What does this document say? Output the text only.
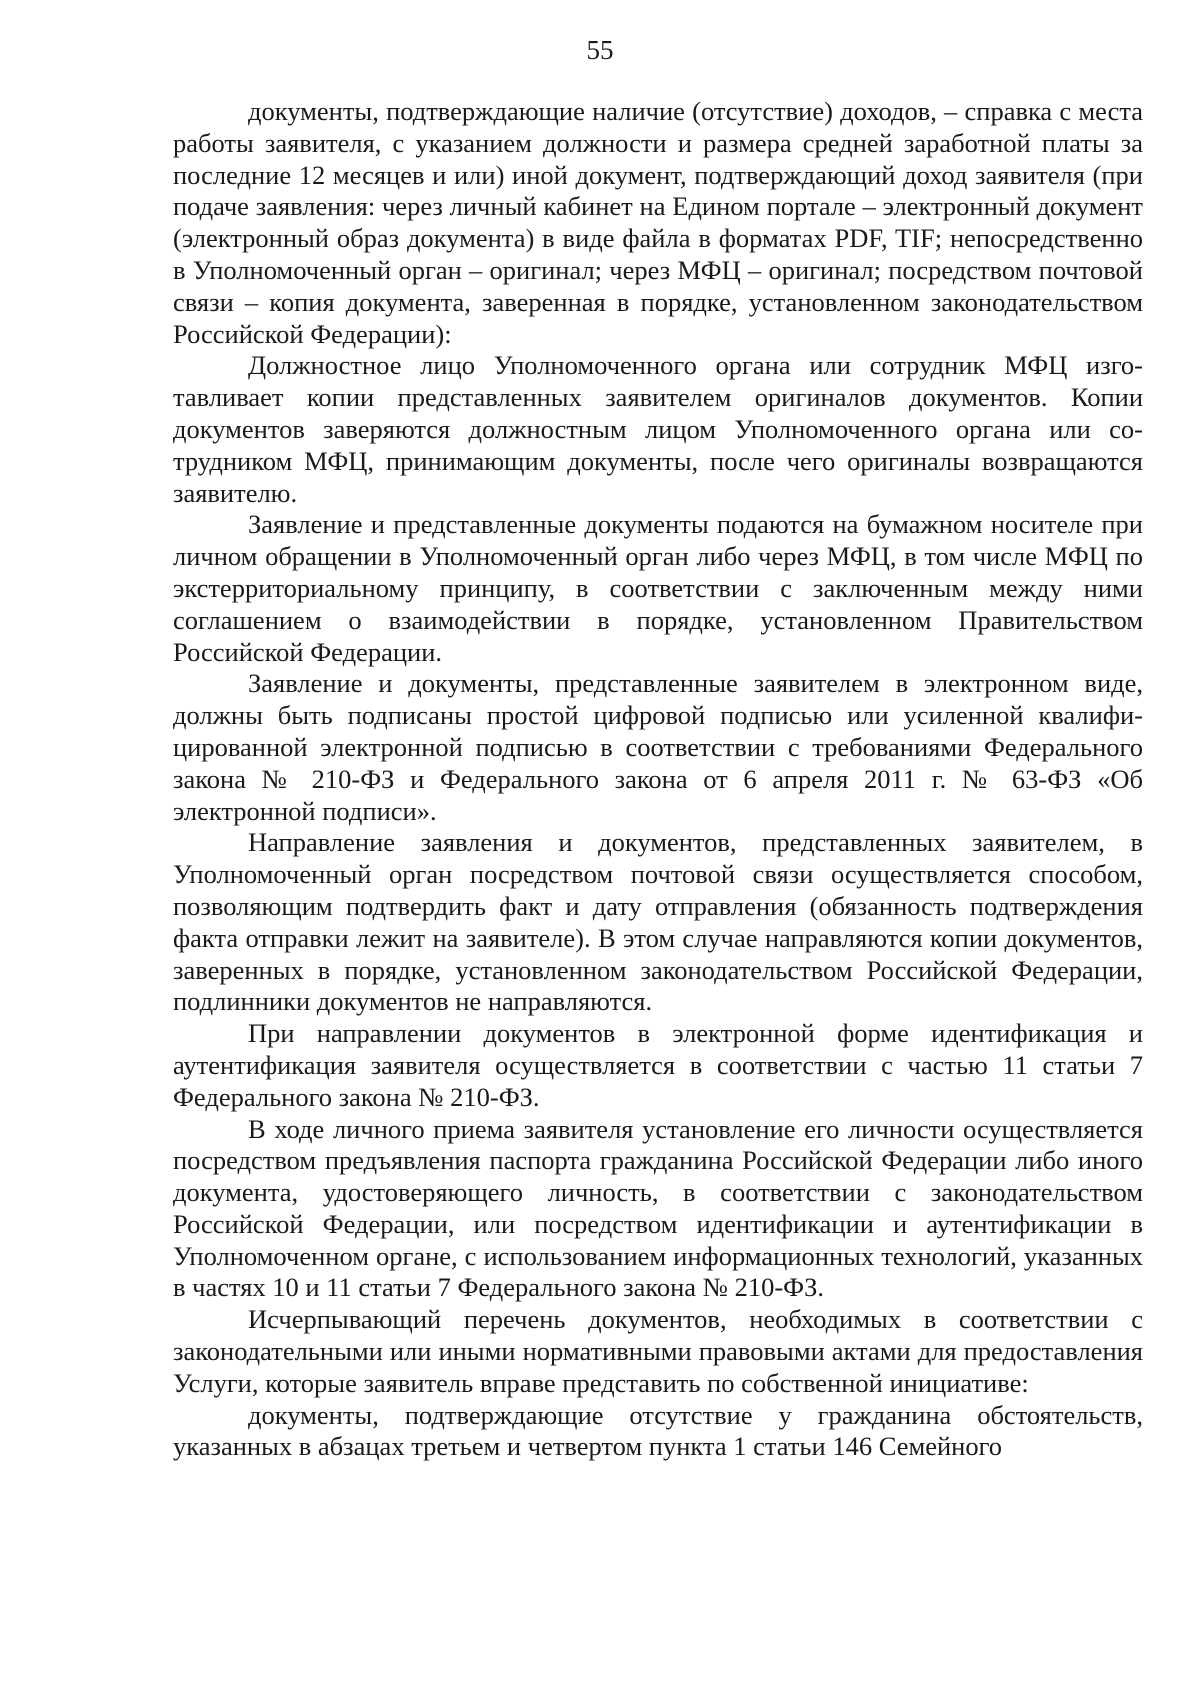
55

документы, подтверждающие наличие (отсутствие) доходов, – справка с места работы заявителя, с указанием должности и размера средней заработной платы за последние 12 месяцев и или) иной документ, подтверждающий доход заявителя (при подаче заявления: через личный кабинет на Едином портале – электронный документ (электронный образ документа) в виде файла в форматах PDF, TIF; непосредственно в Уполномоченный орган – оригинал; через МФЦ – оригинал; посредством почтовой связи – копия документа, заверенная в порядке, установленном законодательством Российской Федерации):

Должностное лицо Уполномоченного органа или сотрудник МФЦ изготавливает копии представленных заявителем оригиналов документов. Копии документов заверяются должностным лицом Уполномоченного органа или сотрудником МФЦ, принимающим документы, после чего оригиналы возвращаются заявителю.

Заявление и представленные документы подаются на бумажном носителе при личном обращении в Уполномоченный орган либо через МФЦ, в том числе МФЦ по экстерриториальному принципу, в соответствии с заключенным между ними соглашением о взаимодействии в порядке, установленном Правительством Российской Федерации.

Заявление и документы, представленные заявителем в электронном виде, должны быть подписаны простой цифровой подписью или усиленной квалифицированной электронной подписью в соответствии с требованиями Федерального закона № 210-ФЗ и Федерального закона от 6 апреля 2011 г. № 63-ФЗ «Об электронной подписи».

Направление заявления и документов, представленных заявителем, в Уполномоченный орган посредством почтовой связи осуществляется способом, позволяющим подтвердить факт и дату отправления (обязанность подтверждения факта отправки лежит на заявителе). В этом случае направляются копии документов, заверенных в порядке, установленном законодательством Российской Федерации, подлинники документов не направляются.

При направлении документов в электронной форме идентификация и аутентификация заявителя осуществляется в соответствии с частью 11 статьи 7 Федерального закона № 210-ФЗ.

В ходе личного приема заявителя установление его личности осуществляется посредством предъявления паспорта гражданина Российской Федерации либо иного документа, удостоверяющего личность, в соответствии с законодательством Российской Федерации, или посредством идентификации и аутентификации в Уполномоченном органе, с использованием информационных технологий, указанных в частях 10 и 11 статьи 7 Федерального закона № 210-ФЗ.

Исчерпывающий перечень документов, необходимых в соответствии с законодательными или иными нормативными правовыми актами для предоставления Услуги, которые заявитель вправе представить по собственной инициативе:

документы, подтверждающие отсутствие у гражданина обстоятельств, указанных в абзацах третьем и четвертом пункта 1 статьи 146 Семейного
